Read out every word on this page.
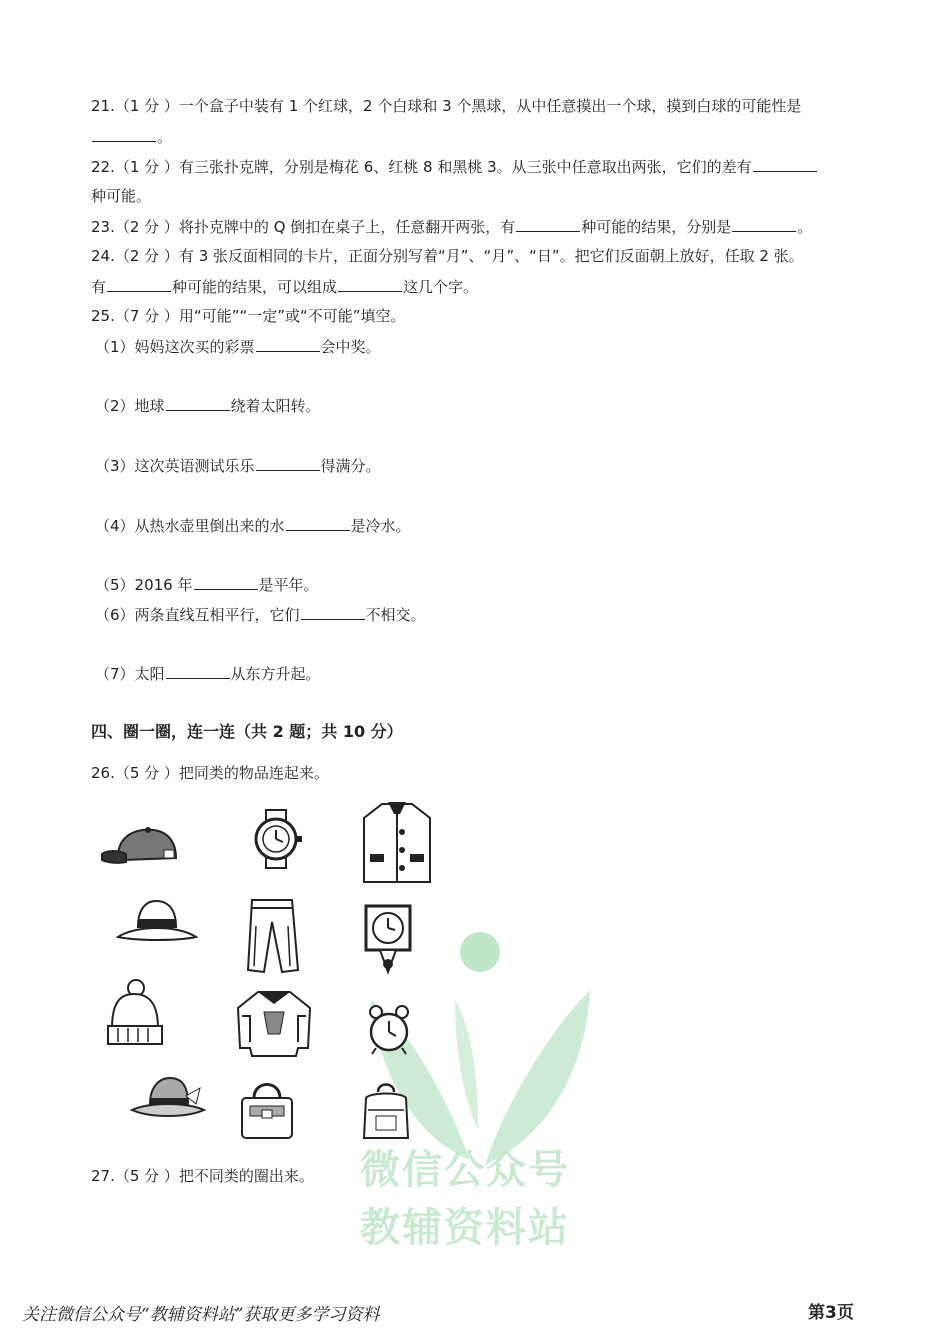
21.（1 分 ）一个盒子中装有 1 个红球，2 个白球和 3 个黑球，从中任意摸出一个球，摸到白球的可能性是
。
22.（1 分 ）有三张扑克牌，分别是梅花 6、红桃 8 和黑桃 3。从三张中任意取出两张，它们的差有
种可能。
23.（2 分 ）将扑克牌中的 Q 倒扣在桌子上，任意翻开两张，有	种可能的结果，分别是	。
24.（2 分 ）有 3 张反面相同的卡片，正面分别写着“月”、“月”、“日”。把它们反面朝上放好，任取 2 张。
有	种可能的结果，可以组成	这几个字。
25.（7 分 ）用“可能”“一定”或“不可能”填空。
（1）妈妈这次买的彩票	会中奖。
（2）地球	绕着太阳转。
（3）这次英语测试乐乐	得满分。
（4）从热水壶里倒出来的水	是冷水。
（5）2016 年	是平年。
（6）两条直线互相平行，它们	不相交。
（7）太阳	从东方升起。
四、圈一圈，连一连（共 2 题；共 10 分）
26.（5 分 ）把同类的物品连起来。
微信公众号
教辅资料站
27.（5 分 ）把不同类的圈出来。
关注微信公众号“教辅资料站”获取更多学习资料	第3页
